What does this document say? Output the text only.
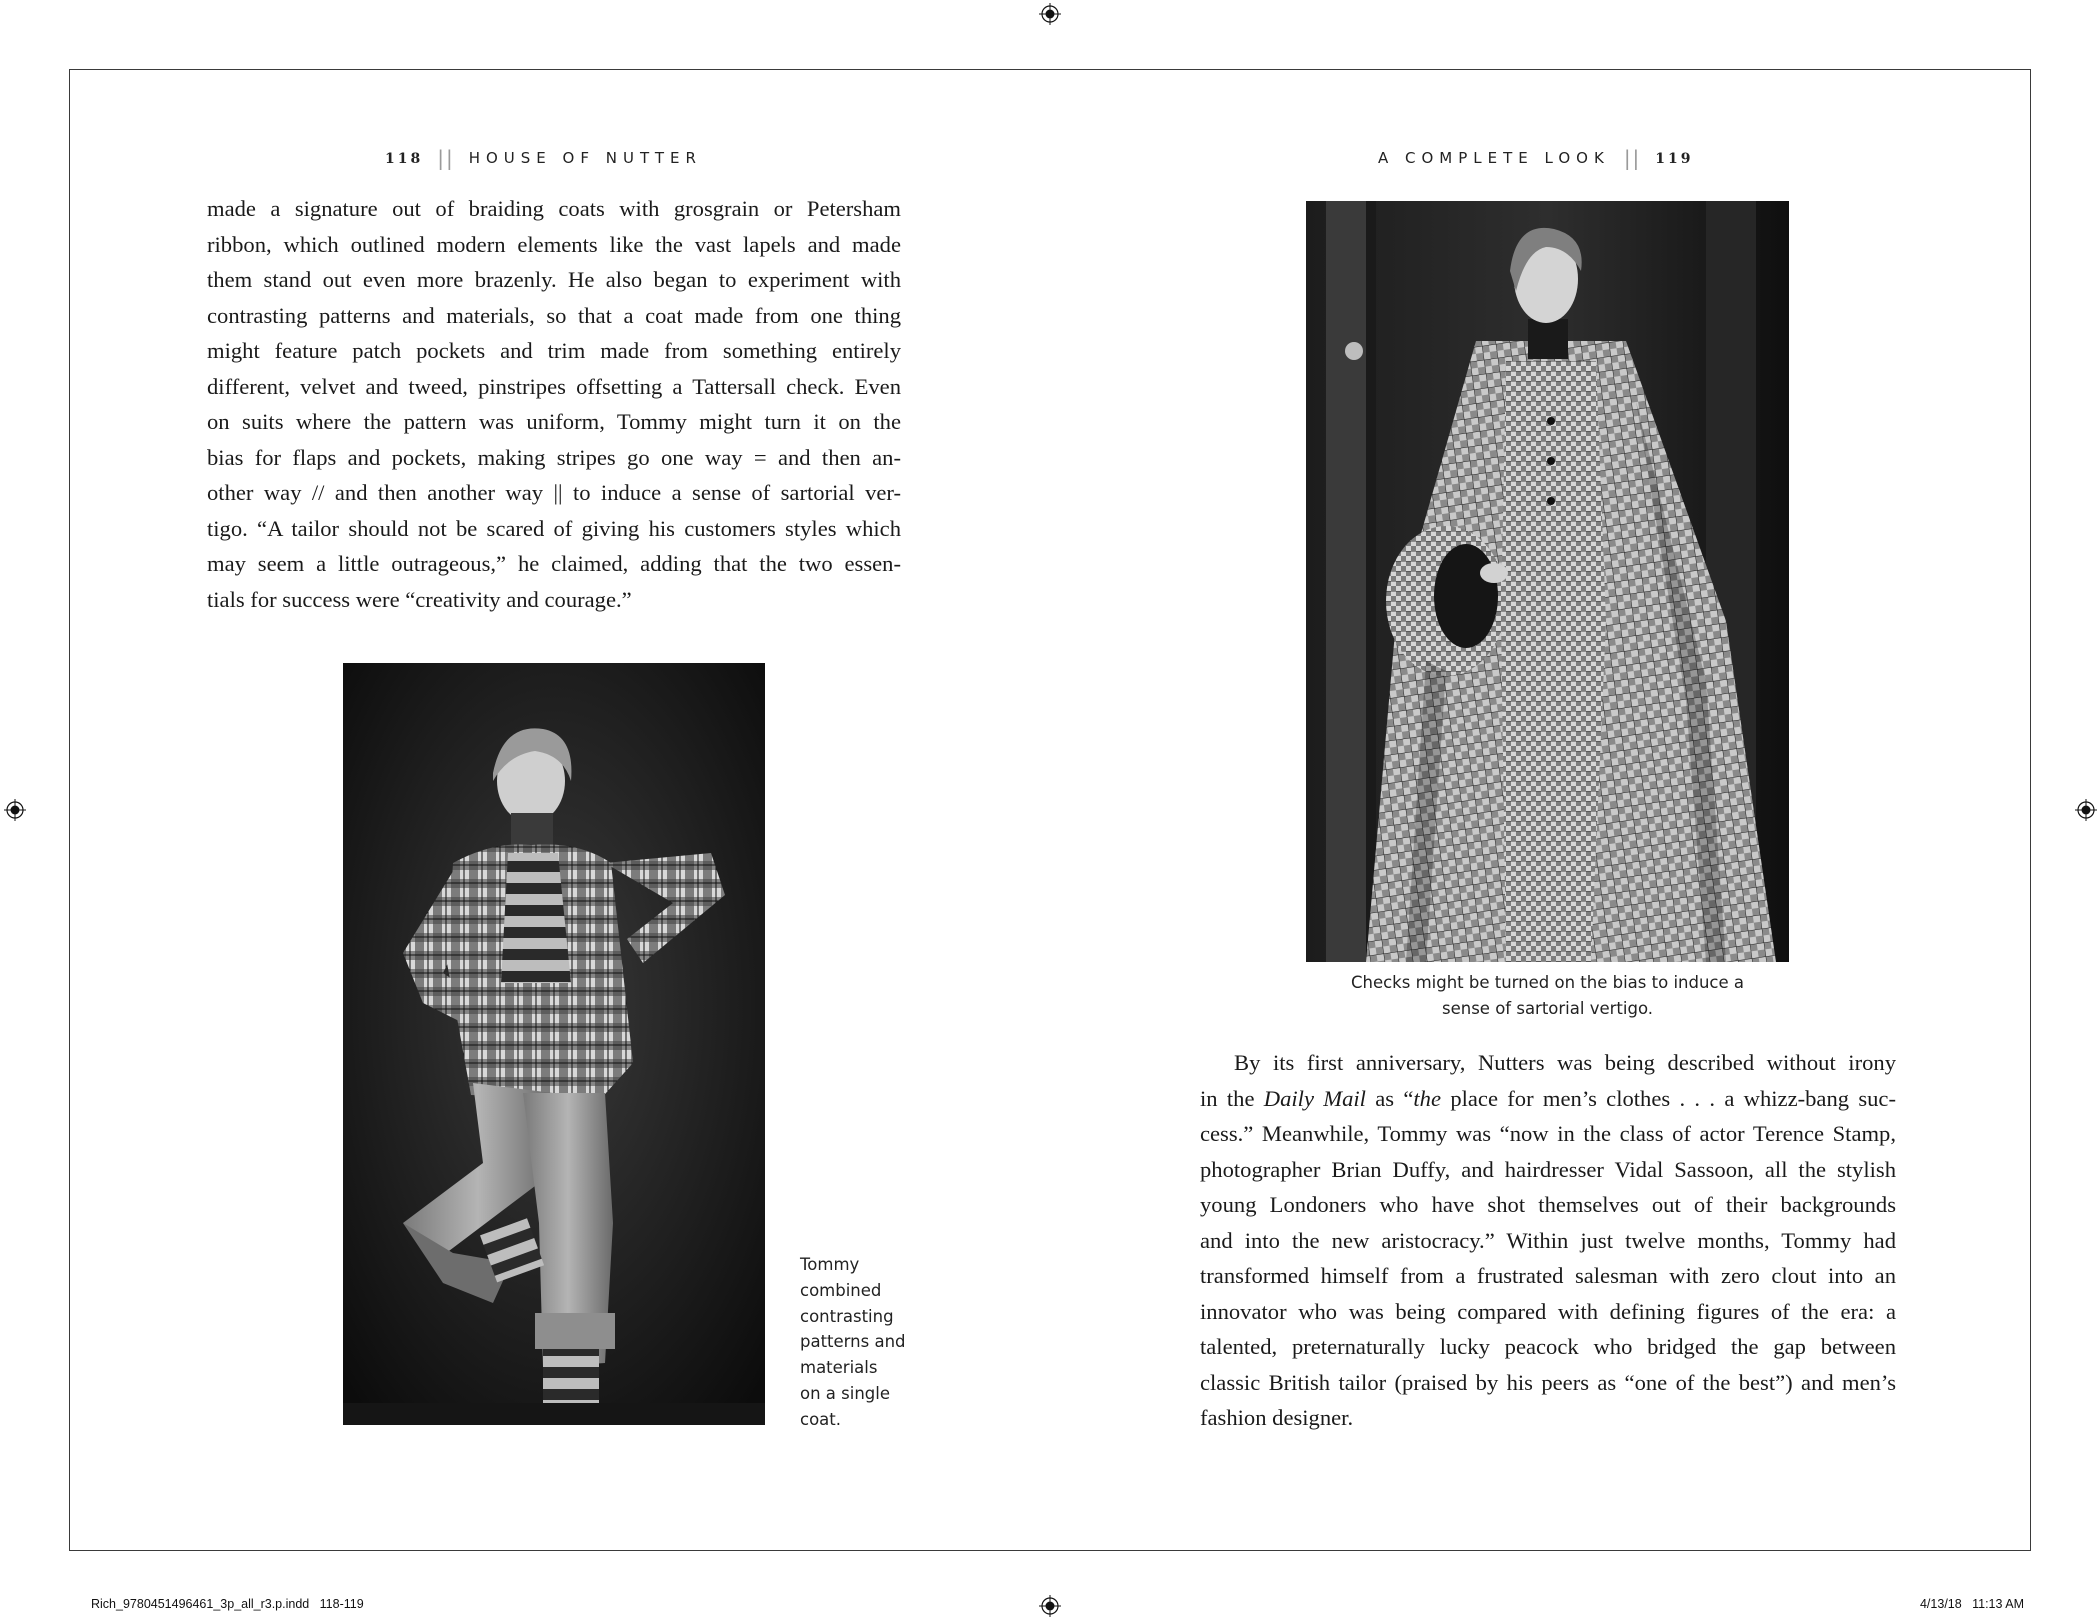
118 || HOUSE OF NUTTER	A COMPLETE LOOK || 119

made a signature out of braiding coats with grosgrain or Petersham

ribbon, which outlined modern elements like the vast lapels and made

them stand out even more brazenly. He also began to experiment with

contrasting patterns and materials, so that a coat made from one thing

might feature patch pockets and trim made from something entirely

different, velvet and tweed, pinstripes offsetting a Tattersall check. Even

on suits where the pattern was uniform, Tommy might turn it on the

bias for flaps and pockets, making stripes go one way = and then an-

other way // and then another way || to induce a sense of sartorial ver-

tigo. “A tailor should not be scared of giving his customers styles which

may seem a little outrageous,” he claimed, adding that the two essen-

tials for success were “creativity and courage.”

Tommy
combined
contrasting
patterns and
materials
on a single
coat.
Checks might be turned on the bias to induce a
sense of sartorial vertigo.

By its first anniversary, Nutters was being described without irony

in the Daily Mail as “the place for men’s clothes . . . a whizz-bang suc-

cess.” Meanwhile, Tommy was “now in the class of actor Terence Stamp,

photographer Brian Duffy, and hairdresser Vidal Sassoon, all the stylish

young Londoners who have shot themselves out of their backgrounds

and into the new aristocracy.” Within just twelve months, Tommy had

transformed himself from a frustrated salesman with zero clout into an

innovator who was being compared with defining figures of the era: a

talented, preternaturally lucky peacock who bridged the gap between

classic British tailor (praised by his peers as “one of the best”) and men’s

fashion designer.

Rich_9780451496461_3p_all_r3.p.indd   118-119	4/13/18   11:13 AM
